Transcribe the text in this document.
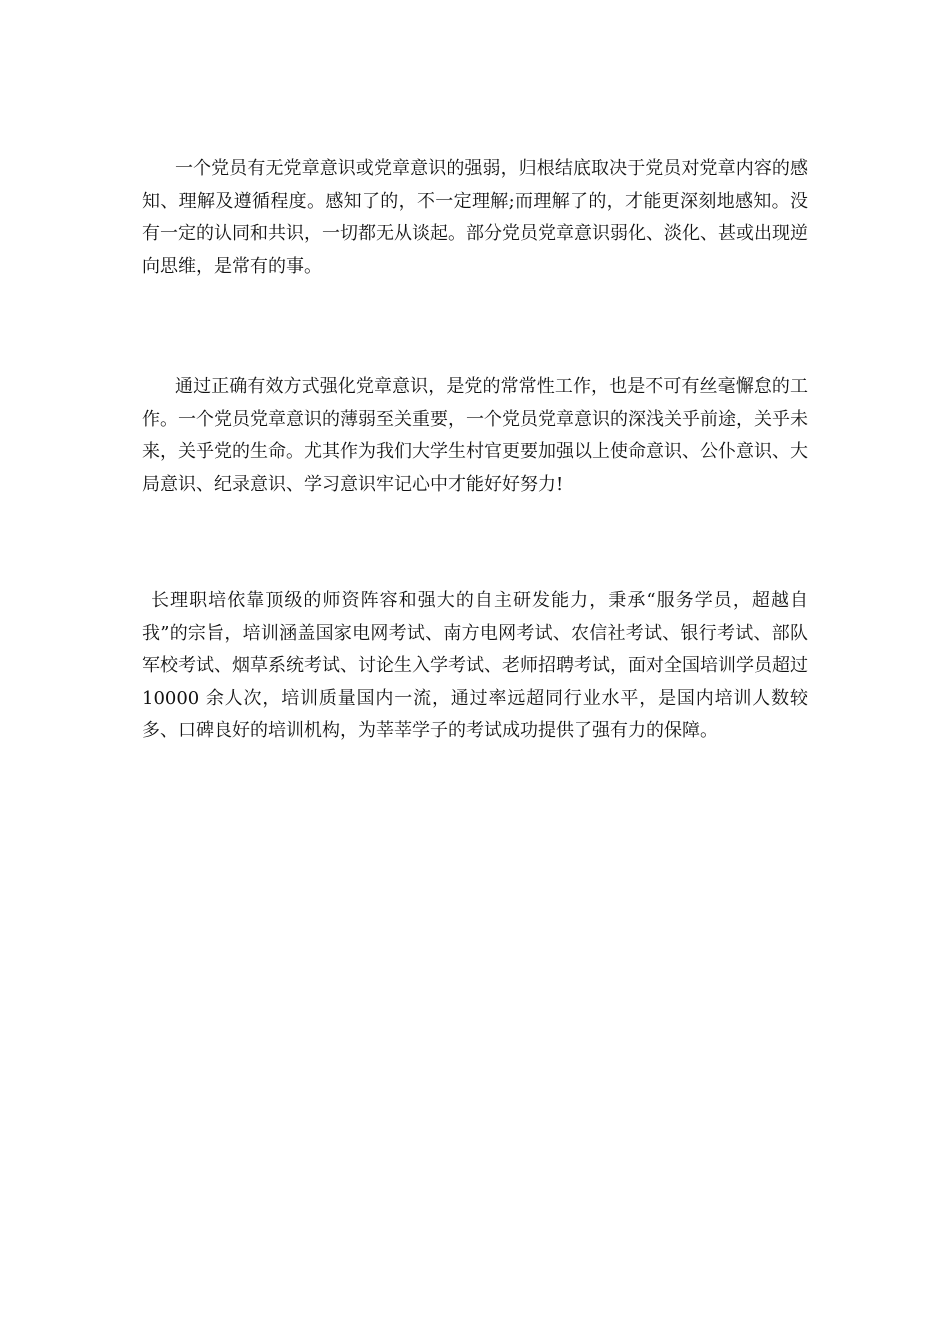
一个党员有无党章意识或党章意识的强弱，归根结底取决于党员对党章内容的感知、理解及遵循程度。感知了的，不一定理解;而理解了的，才能更深刻地感知。没有一定的认同和共识，一切都无从谈起。部分党员党章意识弱化、淡化、甚或出现逆向思维，是常有的事。

通过正确有效方式强化党章意识，是党的常常性工作，也是不可有丝毫懈怠的工作。一个党员党章意识的薄弱至关重要，一个党员党章意识的深浅关乎前途，关乎未来，关乎党的生命。尤其作为我们大学生村官更要加强以上使命意识、公仆意识、大局意识、纪录意识、学习意识牢记心中才能好好努力!

长理职培依靠顶级的师资阵容和强大的自主研发能力，秉承“服务学员，超越自我”的宗旨，培训涵盖国家电网考试、南方电网考试、农信社考试、银行考试、部队军校考试、烟草系统考试、讨论生入学考试、老师招聘考试，面对全国培训学员超过 10000 余人次，培训质量国内一流，通过率远超同行业水平，是国内培训人数较多、口碑良好的培训机构，为莘莘学子的考试成功提供了强有力的保障。
